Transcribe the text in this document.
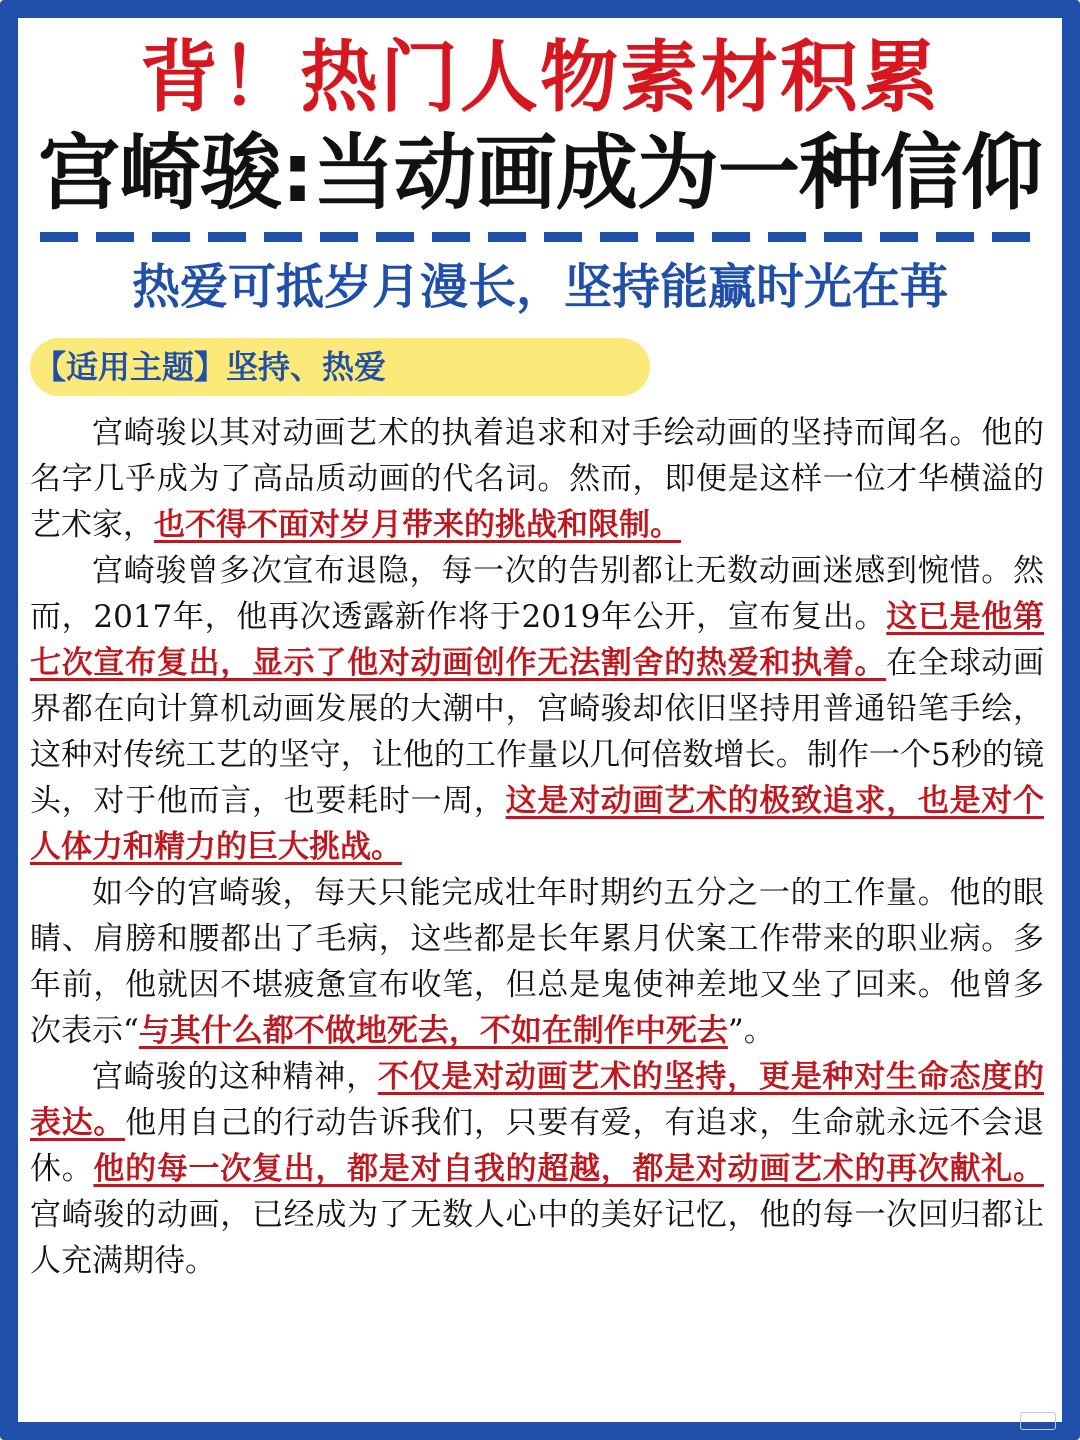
背！热门人物素材积累
宫崎骏:当动画成为一种信仰
热爱可抵岁月漫长，坚持能赢时光在苒
【适用主题】坚持、热爱

宫崎骏以其对动画艺术的执着追求和对手绘动画的坚持而闻名。他的名字几乎成为了高品质动画的代名词。然而，即便是这样一位才华横溢的艺术家，也不得不面对岁月带来的挑战和限制。

宫崎骏曾多次宣布退隐，每一次的告别都让无数动画迷感到惋惜。然而，2017年，他再次透露新作将于2019年公开，宣布复出。这已是他第七次宣布复出，显示了他对动画创作无法割舍的热爱和执着。在全球动画界都在向计算机动画发展的大潮中，宫崎骏却依旧坚持用普通铅笔手绘，这种对传统工艺的坚守，让他的工作量以几何倍数增长。制作一个5秒的镜头，对于他而言，也要耗时一周，这是对动画艺术的极致追求，也是对个人体力和精力的巨大挑战。

如今的宫崎骏，每天只能完成壮年时期约五分之一的工作量。他的眼睛、肩膀和腰都出了毛病，这些都是长年累月伏案工作带来的职业病。多年前，他就因不堪疲惫宣布收笔，但总是鬼使神差地又坐了回来。他曾多次表示“与其什么都不做地死去，不如在制作中死去”。

宫崎骏的这种精神，不仅是对动画艺术的坚持，更是种对生命态度的表达。他用自己的行动告诉我们，只要有爱，有追求，生命就永远不会退休。他的每一次复出，都是对自我的超越，都是对动画艺术的再次献礼。宫崎骏的动画，已经成为了无数人心中的美好记忆，他的每一次回归都让人充满期待。
